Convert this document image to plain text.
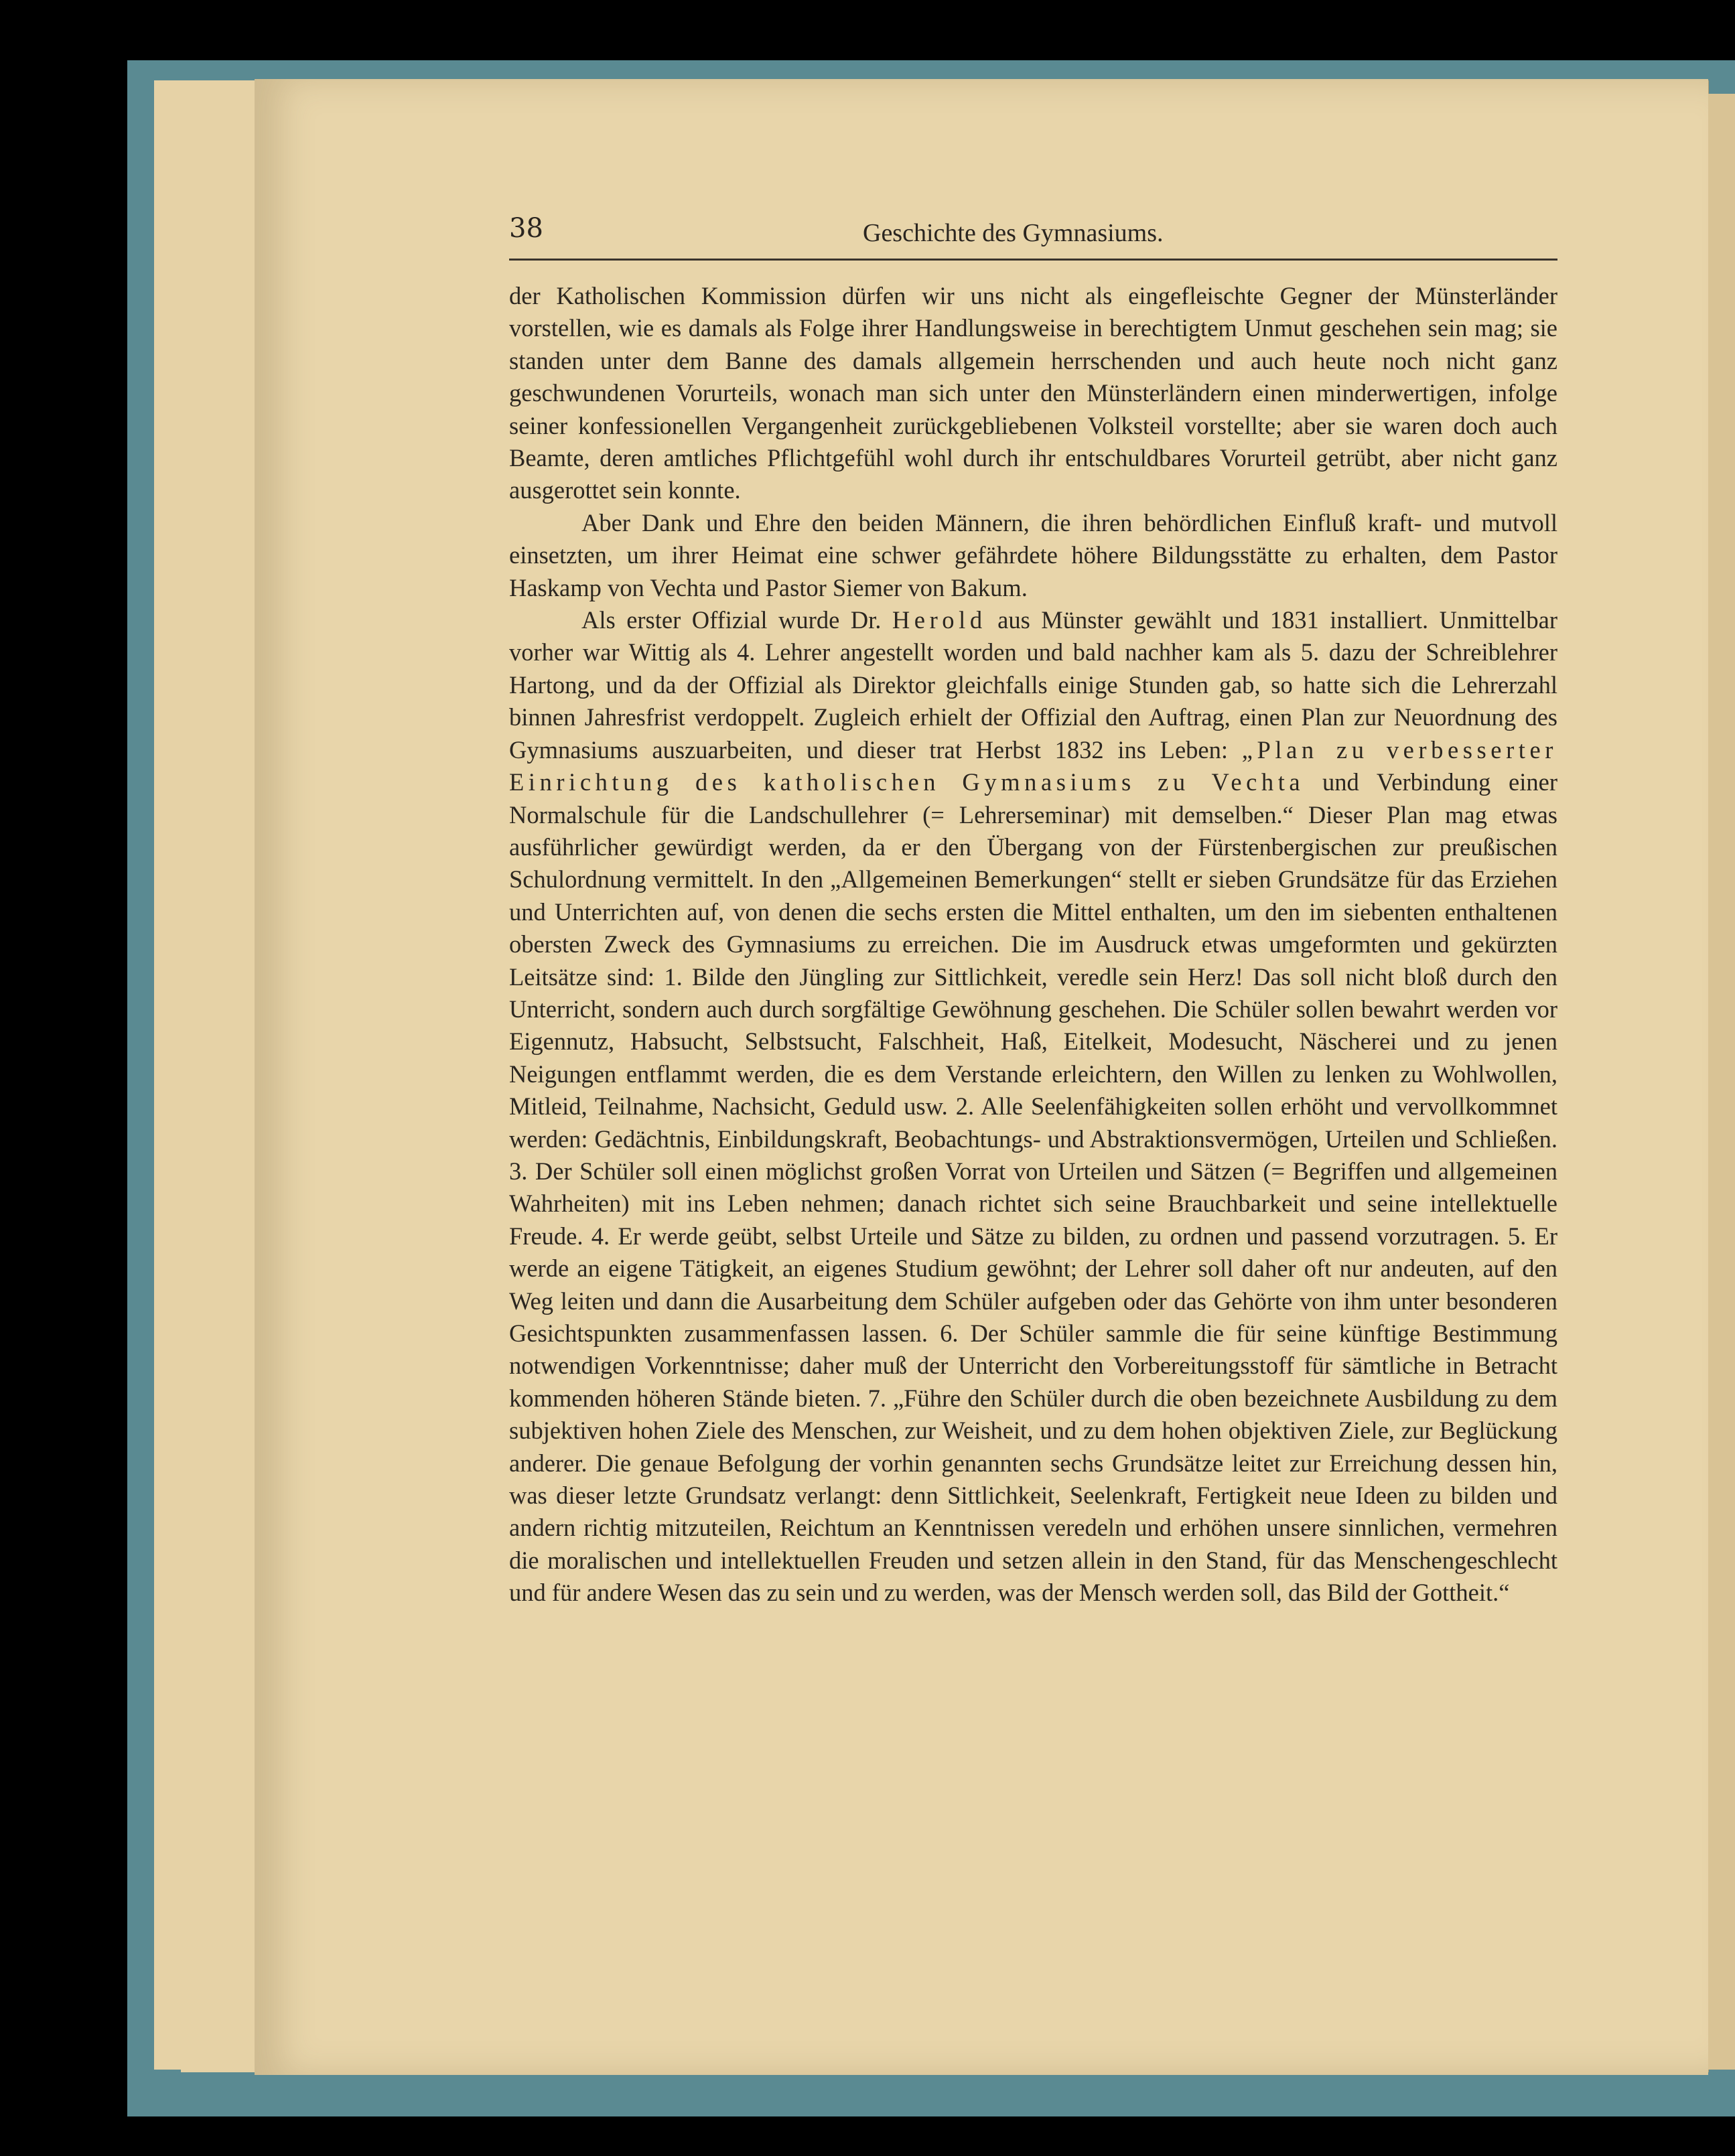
38	Geschichte des Gymnasiums.

der Katholischen Kommission dürfen wir uns nicht als eingefleischte Gegner der Münsterländer vorstellen, wie es damals als Folge ihrer Handlungsweise in berechtigtem Unmut geschehen sein mag; sie standen unter dem Banne des damals allgemein herrschenden und auch heute noch nicht ganz geschwundenen Vorurteils, wonach man sich unter den Münsterländern einen minderwertigen, infolge seiner konfessionellen Vergangenheit zurückgebliebenen Volksteil vorstellte; aber sie waren doch auch Beamte, deren amtliches Pflichtgefühl wohl durch ihr entschuldbares Vorurteil getrübt, aber nicht ganz ausgerottet sein konnte.

Aber Dank und Ehre den beiden Männern, die ihren behördlichen Einfluß kraft- und mutvoll einsetzten, um ihrer Heimat eine schwer gefährdete höhere Bildungsstätte zu erhalten, dem Pastor Haskamp von Vechta und Pastor Siemer von Bakum.

Als erster Offizial wurde Dr. Herold aus Münster gewählt und 1831 installiert. Unmittelbar vorher war Wittig als 4. Lehrer angestellt worden und bald nachher kam als 5. dazu der Schreiblehrer Hartong, und da der Offizial als Direktor gleichfalls einige Stunden gab, so hatte sich die Lehrerzahl binnen Jahresfrist verdoppelt. Zugleich erhielt der Offizial den Auftrag, einen Plan zur Neuordnung des Gymnasiums auszuarbeiten, und dieser trat Herbst 1832 ins Leben: „Plan zu verbesserter Einrichtung des katholischen Gymnasiums zu Vechta und Verbindung einer Normalschule für die Landschullehrer (= Lehrerseminar) mit demselben.“ Dieser Plan mag etwas ausführlicher gewürdigt werden, da er den Übergang von der Fürstenbergischen zur preußischen Schulordnung vermittelt. In den „Allgemeinen Bemerkungen“ stellt er sieben Grundsätze für das Erziehen und Unterrichten auf, von denen die sechs ersten die Mittel enthalten, um den im siebenten enthaltenen obersten Zweck des Gymnasiums zu erreichen. Die im Ausdruck etwas umgeformten und gekürzten Leitsätze sind: 1. Bilde den Jüngling zur Sittlichkeit, veredle sein Herz! Das soll nicht bloß durch den Unterricht, sondern auch durch sorgfältige Gewöhnung geschehen. Die Schüler sollen bewahrt werden vor Eigennutz, Habsucht, Selbstsucht, Falschheit, Haß, Eitelkeit, Modesucht, Näscherei und zu jenen Neigungen entflammt werden, die es dem Verstande erleichtern, den Willen zu lenken zu Wohlwollen, Mitleid, Teilnahme, Nachsicht, Geduld usw. 2. Alle Seelenfähigkeiten sollen erhöht und vervollkommnet werden: Gedächtnis, Einbildungskraft, Beobachtungs- und Abstraktionsvermögen, Urteilen und Schließen. 3. Der Schüler soll einen möglichst großen Vorrat von Urteilen und Sätzen (= Begriffen und allgemeinen Wahrheiten) mit ins Leben nehmen; danach richtet sich seine Brauchbarkeit und seine intellektuelle Freude. 4. Er werde geübt, selbst Urteile und Sätze zu bilden, zu ordnen und passend vorzutragen. 5. Er werde an eigene Tätigkeit, an eigenes Studium gewöhnt; der Lehrer soll daher oft nur andeuten, auf den Weg leiten und dann die Ausarbeitung dem Schüler aufgeben oder das Gehörte von ihm unter besonderen Gesichtspunkten zusammenfassen lassen. 6. Der Schüler sammle die für seine künftige Bestimmung notwendigen Vorkenntnisse; daher muß der Unterricht den Vorbereitungsstoff für sämtliche in Betracht kommenden höheren Stände bieten. 7. „Führe den Schüler durch die oben bezeichnete Ausbildung zu dem subjektiven hohen Ziele des Menschen, zur Weisheit, und zu dem hohen objektiven Ziele, zur Beglückung anderer. Die genaue Befolgung der vorhin genannten sechs Grundsätze leitet zur Erreichung dessen hin, was dieser letzte Grundsatz verlangt: denn Sittlichkeit, Seelenkraft, Fertigkeit neue Ideen zu bilden und andern richtig mitzuteilen, Reichtum an Kenntnissen veredeln und erhöhen unsere sinnlichen, vermehren die moralischen und intellektuellen Freuden und setzen allein in den Stand, für das Menschengeschlecht und für andere Wesen das zu sein und zu werden, was der Mensch werden soll, das Bild der Gottheit.“
